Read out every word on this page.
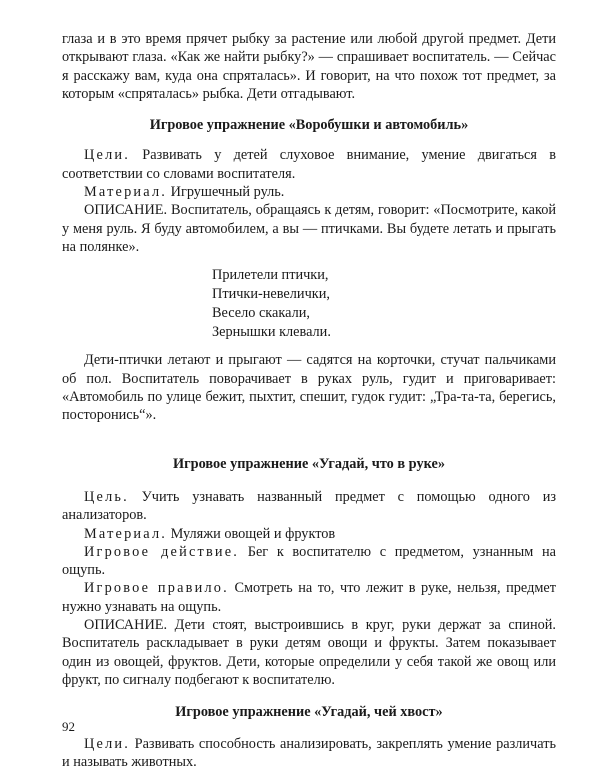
глаза и в это время прячет рыбку за растение или любой другой предмет. Дети открывают глаза. «Как же найти рыбку?» — спрашивает воспитатель. — Сейчас я расскажу вам, куда она спряталась». И говорит, на что похож тот предмет, за которым «спряталась» рыбка. Дети отгадывают.

Игровое упражнение «Воробушки и автомобиль»

Цели. Развивать у детей слуховое внимание, умение двигаться в соответствии со словами воспитателя.

Материал. Игрушечный руль.

ОПИСАНИЕ. Воспитатель, обращаясь к детям, говорит: «Посмотрите, какой у меня руль. Я буду автомобилем, а вы — птичками. Вы будете летать и прыгать на полянке».

Прилетели птички,
Птички-невелички,
Весело скакали,
Зернышки клевали.

Дети-птички летают и прыгают — садятся на корточки, стучат пальчиками об пол. Воспитатель поворачивает в руках руль, гудит и приговаривает: «Автомобиль по улице бежит, пыхтит, спешит, гудок гудит: „Тра-та-та, берегись, посторонись“».

Игровое упражнение «Угадай, что в руке»

Цель. Учить узнавать названный предмет с помощью одного из анализаторов.

Материал. Муляжи овощей и фруктов

Игровое действие. Бег к воспитателю с предметом, узнанным на ощупь.

Игровое правило. Смотреть на то, что лежит в руке, нельзя, предмет нужно узнавать на ощупь.

ОПИСАНИЕ. Дети стоят, выстроившись в круг, руки держат за спиной. Воспитатель раскладывает в руки детям овощи и фрукты. Затем показывает один из овощей, фруктов. Дети, которые определили у себя такой же овощ или фрукт, по сигналу подбегают к воспитателю.

Игровое упражнение «Угадай, чей хвост»

Цели. Развивать способность анализировать, закреплять умение различать и называть животных.

92
